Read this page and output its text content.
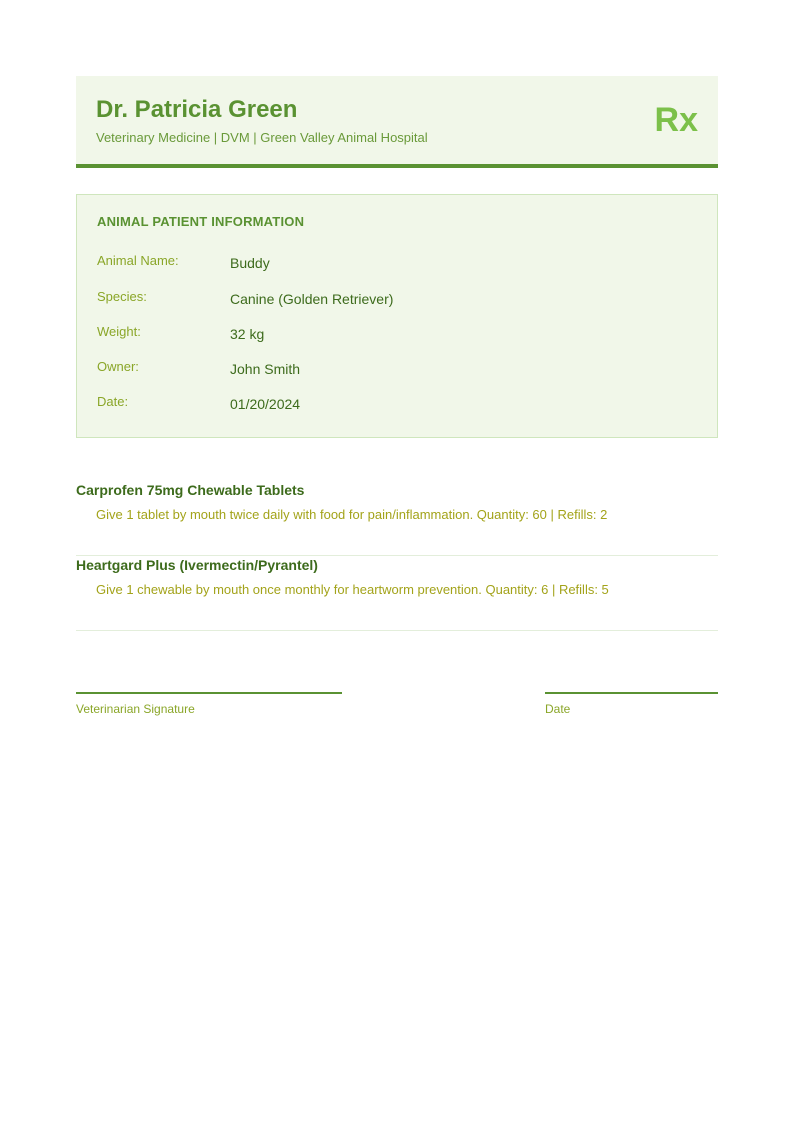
Dr. Patricia Green
Veterinary Medicine | DVM | Green Valley Animal Hospital	Rx
ANIMAL PATIENT INFORMATION
Animal Name:	Buddy
Species:	Canine (Golden Retriever)
Weight:	32 kg
Owner:	John Smith
Date:	01/20/2024
Carprofen 75mg Chewable Tablets
Give 1 tablet by mouth twice daily with food for pain/inflammation. Quantity: 60 | Refills: 2
Heartgard Plus (Ivermectin/Pyrantel)
Give 1 chewable by mouth once monthly for heartworm prevention. Quantity: 6 | Refills: 5
Veterinarian Signature	Date
